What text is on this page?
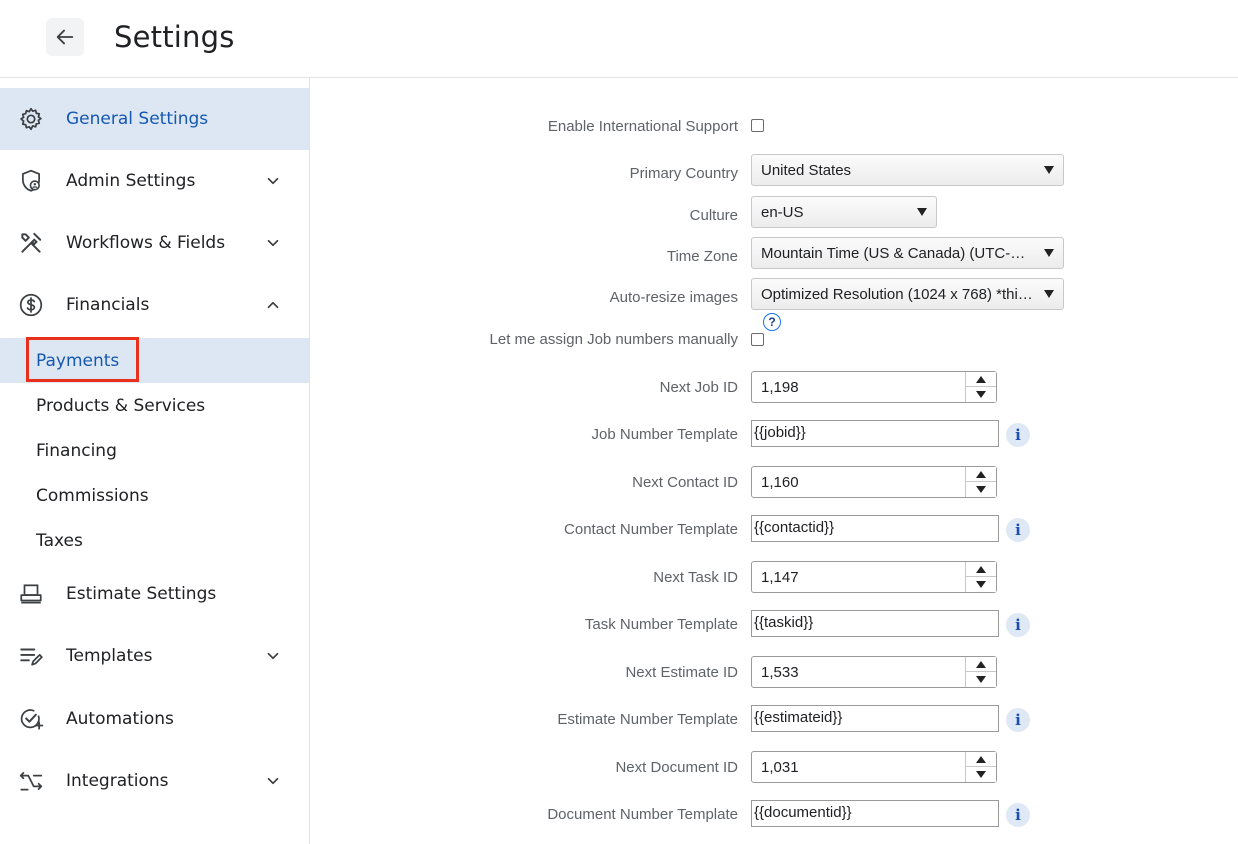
Settings
General Settings
Admin Settings
Workflows & Fields
Financials
Payments
Products & Services
Financing
Commissions
Taxes
Estimate Settings
Templates
Automations
Integrations
Enable International Support
Primary Country United States
Culture en-US
Time Zone Mountain Time (US & Canada) (UTC-…
Auto-resize images Optimized Resolution (1024 x 768) *thi…
?
Let me assign Job numbers manually
Next Job ID 1,198
Job Number Template {{jobid}}	i
Next Contact ID 1,160
Contact Number Template {{contactid}}	i
Next Task ID 1,147
Task Number Template {{taskid}}	i
Next Estimate ID 1,533
Estimate Number Template {{estimateid}}	i
Next Document ID 1,031
Document Number Template {{documentid}}	i
